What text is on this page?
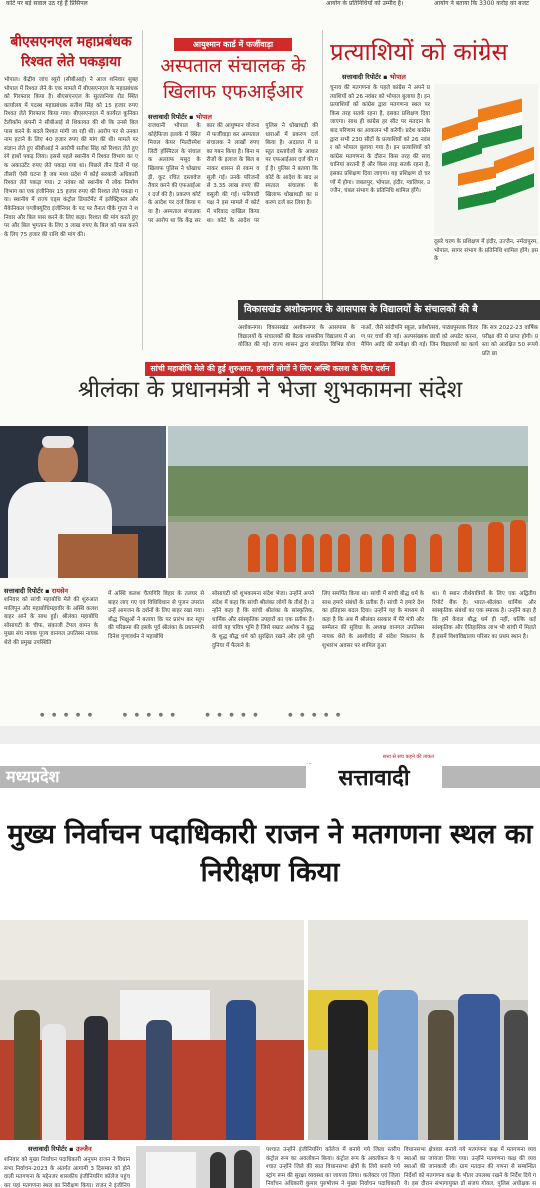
कोर्ट पर बड़े सवाल उठ रहे हैं प्रिंसिपल	आयोग के प्रतिनिधियों को उम्मीद है।	आयोग ने बताया कि 3300 करोड़ का बजट
बीएसएनएल महाप्रबंधक रिश्वत लेते पकड़ाया
भोपाल। केंद्रीय जांच ब्यूरो (सीबीआई) ने आज शनिवार सुबह भोपाल में रिश्वत लेने के एक मामले में बीएसएनएल के महाप्रबंधक को गिरफ्तार किया है। बीएसएनएल के सुल्तानिया रोड स्थित कार्यालय में पदस्थ महाप्रबंधक सतीश सिंह को 15 हजार रुपए रिश्वत लेते गिरफ्तार किया गया। बीएसएनएल में कार्यरत कुनिका टेलीकॉम कंपनी ने सीबीआई से शिकायत की थी कि उनसे बिल पास करने के बदले रिश्वत मांगी जा रही थी। आरोप पर से उनका नाम हटाने के लिए 40 हजार रुपए की मांग की थी। मामले पर संज्ञान लेते हुए सीबीआई ने आरोपी सतीश सिंह को रिश्वत लेते हुए रंगे हाथों पकड़ लिया। इससे पहले स्थानीय में रिश्वत विभाग का एक अकाउंटेंट रुपए लेते पकड़ा गया था। पिछले तीन दिनों में यह तीसरी ऐसी घटना है जब मध्य प्रदेश में कोई सरकारी अधिकारी रिश्वत लेते पकड़ा गया। 2 नवंबर को स्थानीय में लोक निर्माण विभाग का एक इंजीनियर 15 हजार रुपए की रिश्वत लेते पकड़ा गया। स्थानीय में राज्य एड्स कंट्रोल डिपार्टमेंट में इलेक्ट्रिकल और मैकेनिकल एग्जीक्यूटिव इंजीनियर के पद पर तैनात पीके गुप्ता ने शनिवार और बिल पास करने के लिए कहा। रिश्वत की मांग करते हुए पर और बिल भुगतान के लिए 3 लाख रुपए के बिल को पास करने के लिए 75 हजार की राशि की मांग की।
आयुश्मान कार्ड में फर्जीवाड़ा
अस्पताल संचालक के खिलाफ एफआईआर
सत्तावादी रिपोर्टर ▪ भोपाल
राजधानी भोपाल के कोहेफिजा इलाके में स्थित मित्तल केयर मिल्टीस्पेशलिटी हॉस्पिटल के संचालक अल्ताफ मसूद के खिलाफ पुलिस ने धोखाधड़ी, कूट रचित दस्तावेज तैयार करने की एफआईआर दर्ज की है। प्रकरण कोर्ट के आदेश पर दर्ज किया गया है। अस्पताल संचालक पर आरोप था कि केंद्र सरकार की आयुष्मान योजना में फर्जीवाड़ा कर अस्पताल संचालक ने लाखों रुपए का गबन किया है। बिना मरीजों के इलाज के बिल बनाकर शासन से रकम वसूली गई। उनके परिजनों से 3.35 लाख रुपए की वसूली की गई। फरियादी पक्ष ने इस मामले में कोर्ट में परिवाद दाखिल किया था। कोर्ट के आदेश पर पुलिस ने धोखाधड़ी की धाराओं में प्रकरण दर्ज किया है। अदालत में प्रस्तुत दस्तावेजों के आधार पर एफआईआर दर्ज की गई है। पुलिस ने बताया कि कोर्ट के आदेश के बाद अस्पताल संचालक के खिलाफ धोखाधड़ी का प्रकरण दर्ज कर लिया है।
प्रत्याशियों को कांग्रेस
सत्तावादी रिपोर्टर ▪ भोपाल
चुनाव की मतगणना के पहले कांग्रेस ने अपने प्रत्याशियों को 26 नवंबर को भोपाल बुलाया है। इन प्रत्याशियों को कांग्रेस द्वारा मतगणना स्थल पर किस तरह सतर्क रहना है, इसका प्रशिक्षण दिया जाएगा। साथ ही कांग्रेस हर सीट पर मतदान के बाद परिणाम का आकलन भी करेगी। प्रदेश कांग्रेस द्वारा सभी 230 सीटों के प्रत्याशियों को 26 नवंबर को भोपाल बुलाया गया है। इन प्रत्याशियों को कांग्रेस मतगणना के दौरान किस तरह की सावधानियां बरतनी हैं और किस तरह सतर्क रहना है, इसका प्रशिक्षण दिया जाएगा। यह प्रशिक्षण दो चरणों में होगा। जबलपुर, भोपाल, इंदौर, ग्वालियर, उज्जैन, चंबल संभाग के प्रतिनिधि शामिल होंगे।
दूसरे चरण के प्रशिक्षण में इंदौर, उज्जैन, नर्मदापुरम, भोपाल, सागर संभाग के प्रतिनिधि शामिल होंगे। इसके
विकासखंड अशोकनगर के आसपास के विद्यालयों के संचालकों की बै
अशोकनगर। विकासखंड अशोकनगर के आसपास के विद्यालयों के संचालकों की बैठक शासकीय विद्यालय में आयोजित की गई। राज्य शासन द्वारा संचालित विभिन्न योजनाओं, जैसे सांदीपनि स्कूल, प्रवेशोत्सव, पाठ्यपुस्तक वितरण पर चर्चा की गई। अल्पसंख्यक छात्रों को अपडेट करना, मैपिंग आदि की समीक्षा की गई। जिन विद्यालयों का कार्य
कि सत्र 2022-23 वार्षिक परीक्षा की से प्राप्त होगी। प्रस्ता को आरक्षित 50 रूपये प्रति छा
सांची महाबोधि मेले की हुई शुरुआत, हजारों लोगों ने लिए अस्थि कलश के किए दर्शन
श्रीलंका के प्रधानमंत्री ने भेजा शुभकामना संदेश
सत्तावादी रिपोर्टर ▪ रायसेन
शनिवार को सांची महाबोधि मेले की शुरुआत मालिपुन और महाबोधिमहावीर के अस्थि कलश बाहर आने के साथ हुई। श्रीलंका महाबोधि सोसायटी के चीफ, संकाजी टेंपल वामन के मुख्य संघ नायक पूज्य वानगल उपतिस्स नायक थेरो की प्रमुख उपस्थिति
में अस्थि कलश चैत्यगिरि विहार के तलघर से बाहर लाए गए एवं विधिविधान से पूजन उपरांत उन्हें आमजन के दर्शनों के लिए बाहर रखा गया। बौद्ध भिक्षुओं ने बताया कि पर प्रारंभ कर स्तूप की परिक्रमा की इसके पूर्व श्रीलंका के प्रधानमंत्री दिनेश गुणावर्धन ने महाबोधि
सोसायटी को शुभकामना संदेश भेजा। उन्होंने अपने संदेश में कहा कि सांची श्रीलंका लोगों के तीर्थ है। उन्होंने कहा है कि सांची श्रीलंका के सांस्कृतिक, धार्मिक और सांस्कृतिक उपहारों का एक प्रतीक है। सांची यह पवित्र भूमि है जिसे सम्राट अशोक ने बुद्ध के शुद्ध बौद्ध धर्म को सुरक्षित रखने और इसे पूरी दुनिया में फैलाने के
लिए समर्पित किया था। सांची में सांची बौद्ध धर्म के साथ हमारे संबंधों के प्रतीक हैं। सांची ने हमारे देश का इतिहास बदल दिया। उन्होंने यह के माध्यम से कहा है कि अब मैं श्रीलंका सरकार में मेरे मंत्री और सम्मेलन की सुविधा के अध्यक्ष वानगल उपतिस्स नायक थेरो के आशीर्वाद से संदेश निकलन के शुभारंभ अवसर पर शामिल हुआ
था। ये स्थान तीर्थयात्रियों के लिए एक अद्वितीय रिपोर्ट बैंक है। भारत-श्रीलंका धार्मिक और सांस्कृतिक संबंधों का एक स्मारक है। उन्होंने कहा है कि हमें केवल बौद्ध धर्म ही नहीं, बल्कि कई सांस्कृतिक और ऐतिहासिक लाभ भी सांची में मिलते हैं इसमें विश्वविद्यालय परिसर का प्रथम स्थान है।
● ● ● ● ●      ● ● ● ● ●      ● ● ● ● ●      ● ● ● ● ●
मध्यप्रदेश
सत्ता से सच कहने की ताकत
सत्तावादी
मुख्य निर्वाचन पदाधिकारी राजन ने मतगणना स्थल का निरीक्षण किया
सत्तावादी रिपोर्टर ▪ उज्जैन
शनिवार को मुख्य निर्वाचन पदाधिकारी अनुपम राजन ने विधानसभा निर्वाचन-2023 के अंतर्गत आगामी 3 दिसम्बर को होने वाली मतगणना के मद्देनजर शासकीय इंजीनियरिंग कॉलेज पहुंचकर यहां मतगणना स्थल का निरीक्षण किया। राजन ने इंजीनिय
पश्चात उन्होंने इंजीनियरिंग कॉलेज में बनाये गये जिला स्तरीय कंट्रोल रूम का अवलोकन किया। कंट्रोल रूम के अवलोकन के पश्चात उन्होंने जिले की सात विधानसभा क्षेत्रों के लिये बनाये गये स्ट्रांग रूम की सुरक्षा व्यवस्था का जायजा लिया। कलेक्टर एवं जिला निर्वाचन अधिकारी कुमार पुरुषोत्तम ने मुख्य निर्वाचन पदाधिकारी
विधानसभा क्षेत्रवार बनाये गये मतगणना कक्ष में मतगणना व्यवस्थाओं का जायजा लिया गया। उन्होंने मतगणना कक्ष की व्यवस्थाओं की जानकारी ली। ग्राम मतदान की गणना से सम्बन्धित निर्देशों को मतगणना कक्ष के भीतर उपलब्ध रखने के निर्देश दिये गये। इस दौरान संभागायुक्त डॉ संजय गोयल, पुलिस अधीक्षक स
